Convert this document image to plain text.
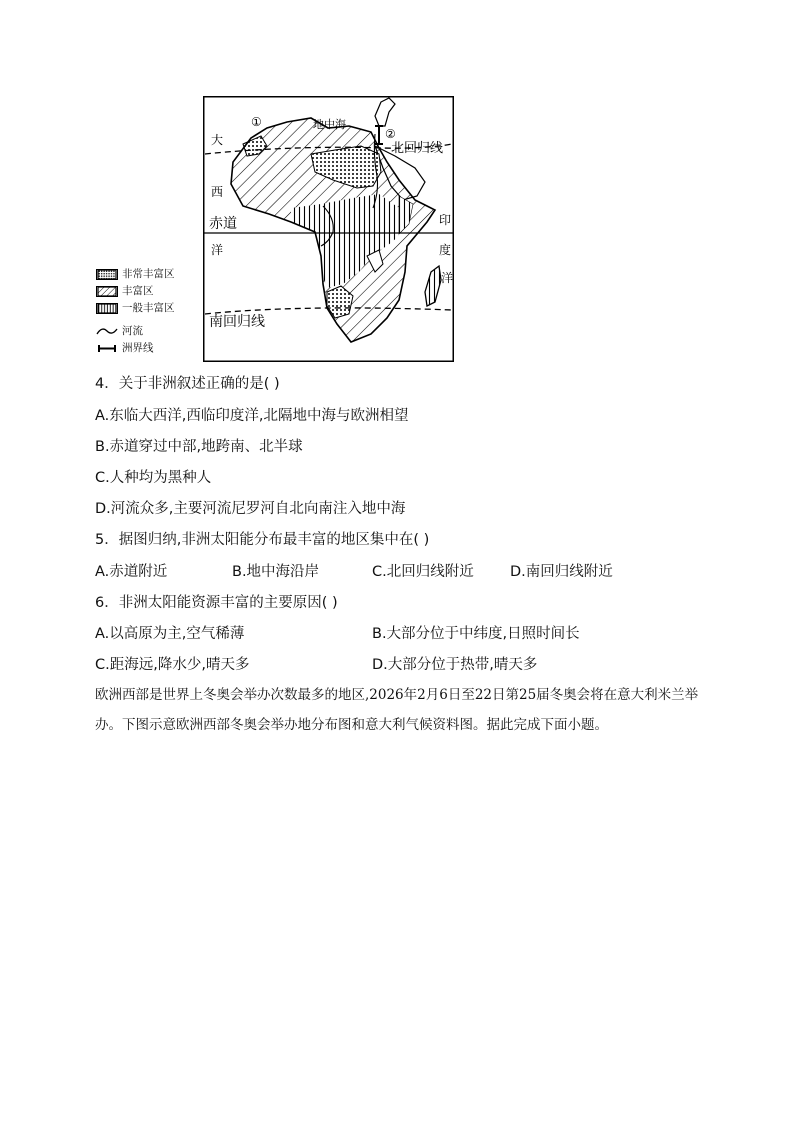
非常丰富区
丰富区
一般丰富区
河流
洲界线
地中海
①
②
北回归线
赤道
南回归线
大
西
洋
印
度
洋
4．关于非洲叙述正确的是( )
A.东临大西洋,西临印度洋,北隔地中海与欧洲相望
B.赤道穿过中部,地跨南、北半球
C.人种均为黑种人
D.河流众多,主要河流尼罗河自北向南注入地中海
5．据图归纳,非洲太阳能分布最丰富的地区集中在( )
A.赤道附近	B.地中海沿岸	C.北回归线附近	D.南回归线附近
6．非洲太阳能资源丰富的主要原因( )
A.以高原为主,空气稀薄	B.大部分位于中纬度,日照时间长
C.距海远,降水少,晴天多	D.大部分位于热带,晴天多
欧洲西部是世界上冬奥会举办次数最多的地区,2026年2月6日至22日第25届冬奥会将在意大利米兰举办。下图示意欧洲西部冬奥会举办地分布图和意大利气候资料图。据此完成下面小题。
